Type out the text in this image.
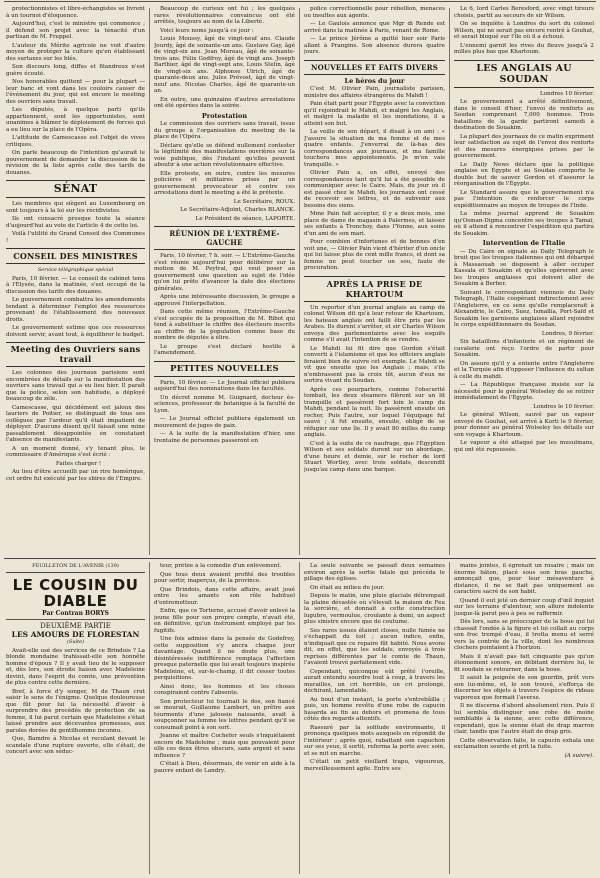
protectionnistes et libre-échangistes se livrent à un tournoi d'éloquence.

Aujourd'hui, c'est le ministre qui commence ; il défend son projet avec la ténacité d'un partisan de M. Freppel.

L'auteur du Mérite agricole ne voit d'autre moyen de protéger la culture qu'en établissant des surtaxes sur les blés.

Son discours long, diffus et filandreux n'est guère écouté.

Nos honorables quittent — pour la plupart — leur banc et vont dans les couloirs causer de l'événement du jour, qui est encore le meeting des ouvriers sans travail.

Les députés, à quelque parti qu'ils appartiennent, sont les opportunistes, sont unanimes à blâmer le déploiement de forces qui a eu lieu sur la place de l'Opéra.

L'attitude de Camescasse est l'objet de vives critiques.

On parle beaucoup de l'intention qu'aurait le gouvernement de demander la discussion de la révision de la liste après celle des tarifs de douanes.

SÉNAT

Les membres qui siègent au Luxembourg en sont toujours à la loi sur les récidivistes.

Ils ont consacré presque toute la séance d'aujourd'hui au vote de l'article 4 de cette loi.

Voilà l'utilité du Grand Conseil des Communes !

CONSEIL DES MINISTRES
Service télégraphique spécial

Paris, 10 février. — Le conseil de cabinet tenu à l'Élysée, dans la matinée, s'est occupé de la discussion des tarifs des douanes.

Le gouvernement combattra les amendements tendant à déterminer l'emploi des ressources provenant de l'établissement des nouveaux droits.

Le gouvernement estime que ces ressources doivent servir, avant tout, à équilibrer le budget.

Meeting des Ouvriers sans travail

Les colonnes des journaux parisiens sont encombrées de détails sur la manifestation des ouvriers sans travail qui a eu lieu hier. Il paraît que la police, selon son habitude, a déployé beaucoup de zèle.

Camescasse, qui décidément est jaloux des lauriers de Poitier, se distinguait de tous ses collègues par l'ardeur qu'il était impatient de déployer. D'aucuns disent qu'il faisait une mine passablement désappointée en constatant l'absence de manifestants.

A un moment donné, s'y tenant plus, le commissaire d'Amérique s'est écrié :

Faites charger !

Au lieu d'être accueilli par un rire homérique, cet ordre fut exécuté par les sbires de l'Empire.

Beaucoup de curieux ont fui ; les quelques rares révolutionnaires convaincus ont été arrêtés, toujours au nom de la Liberté.

Voici leurs noms jusqu'à ce jour :

Louis Moussy, âgé de vingt-neuf ans. Claude Jourdy, âgé de soixante-un ans. Gustave Gay, âgé de vingt-six ans. Jean Moreau, âgé de soixante-trois ans. Félix Godfroy, âgé de vingt ans. Joseph Barthier, âgé de vingt-sept ans. Louis Stelin, âgé de vingt-six ans. Alphonse Ulrich, âgé de quarante-deux ans. Jules Prévost, âgé de vingt-neuf ans. Nicolas Charles, âgé de quarante-un an.

En outre, une quinzaine d'autres arrestations ont été opérées dans la soirée.

Protestation

Le commission des ouvriers sans travail, issue du groupe à l'organisation du meeting de la place de l'Opéra.

Déclare qu'elle se défend nullement contester la légitimité des manifestations ouvrières sur la voie publique, dès l'instant qu'elles peuvent aboutir à une action révolutionnaire effective.

Elle proteste, en outre, contre les mesures policières et militaires prises par un gouvernement provocateur et contre ces arrestations dont le meeting a été le prétexte.

Le Secrétaire, ROUX.

Le Secrétaire-Adjoint, Charles BLANCK.

Le Président de séance, LAPORTE.

RÉUNION DE L'EXTRÊME-GAUCHE

Paris, 10 février, 7 h. soir. — L'Extrême-Gauche s'est réunie aujourd'hui pour délibérer sur la motion de M. Peytral, qui veut poser au gouvernement une question au sujet de l'idée qu'on lui prête d'avancer la date des élections générales.

Après une intéressante discussion, le groupe a approuvé l'interpellation.

Dans cette même réunion, l'Extrême-Gauche s'est occupée de la proposition de M. Ribot qui tend à substituer le chiffre des électeurs inscrits au chiffre de la population comme base du nombre de députés à élire.

Le groupe s'est déclaré hostile à l'amendement.

PETITES NOUVELLES

Paris, 10 février. — Le Journal officiel publiera aujourd'hui des nominations dans les facultés.

Un décret nomme M. Guignard, docteur ès-sciences, professeur de botanique à la faculté de Lyon.

— Le Journal officiel publiera également un mouvement de juges de paix.

— A la suite de la manifestation d'hier, une trentaine de personnes passeront en

police correctionnelle pour rébellion, menaces ou insultes aux agents.

— Le Gaulois annonce que Mgr di Rende est arrivé dans la matinée à Paris, venant de Rome.

— Le prince Jérôme a quitté hier soir Paris allant à Prangins. Son absence durera quatre jours.

NOUVELLES ET FAITS DIVERS
Le héros du jour

C'est M. Olivier Pain, journaliste parisien, ministre des affaires étrangères du Mahdi !

Pain était parti pour l'Égypte avec la conviction qu'il rejoindrait le Mahdi, et malgré les Anglais, et malgré la maladie et les inondations, il a atteint son but.

La veille de son départ, il disait à un ami : « J'assure la situation de ma femme et de mes quatre enfants. J'enverrai de là-bas des correspondances aux journaux, et ma famille touchera mes appointements. Je m'en vais tranquille. »

Olivier Pain a, en effet, envoyé des correspondances tant qu'il lui a été possible de communiquer avec le Caire. Mais, du jour où il est passé chez le Mahdi, les journaux ont cessé de recevoir ses lettres, et de subvenir aux besoins des siens.

Mme Pain fait accepter, il y a deux mois, une place de dame de magasin à Palermes, et laisser ses enfants à Tronchoy, dans l'Yonne, aux soins d'un ami de son mari.

Pour combien d'infortunes et de bonnes d'en voit une, — Olivier Pain vient d'hériter d'un oncle qui lui laisse plus de cent mille francs, et dont sa femme ne peut toucher un sou, faute de procuration.

APRÈS LA PRISE DE KHARTOUM

Un reporter d'un journal anglais au camp du colonel Wilson dit qu'à leur retour de Khartoum, les bateaux anglais ont failli être pris par les Arabes. Ils durent s'arrêter, et sir Charles Wilson envoya des parlementaires avec les esquifs comme s'il avait l'intention de se rendre.

Le Mahdi lui fit dire que Gordon s'était converti à l'islamisme et que les officiers anglais feraient bien de suivre cet exemple. Le Mahdi se vit que ensuite que les Anglais ; mais, s'ils n'embrassent pas la croix tôt, aucun d'eux ne sortira vivant du Soudan.

Après ces pourparlers, comme l'obscurité tombait, les deux steamers filèrent sur un lit tranquille et passèrent fort loin le camp du Mahdi, pendant la nuit. Ils passèrent ensuite un rocher, Puis l'autre, sur lequel l'équipage fut sauvé ; il fut ensuite, ensuite, obligé de se réfugier sur une île. Il y avait 80 milles du camp anglais.

C'est à la suite de ce naufrage, que l'Égyptien Wilson et ses soldats durent sur un abordage, d'une heure et demie, sur le rocher de lord Stuart Wortley, avec trois soldats, descendit jusqu'au camp dans une barque.

Le 6, lord Carles Beresford, avec vingt tireurs choisis, partit au secours de sir Wilson.

On se inquiète à Londres du sort du colonel Wilson, qui ne serait pas encore rentré à Gouhat, et serait bloqué sur l'île où il a échoué.

L'ennemi garnit les rives du fleuve jusqu'à 2 milles plus bas que Khartoum.

LES ANGLAIS AU SOUDAN

Londres 10 février.

Le gouvernement a arrêté définitivement, dans le conseil d'hier, l'envoi de renforts au Soudan comprenant 7,000 hommes. Trois bataillons de la garde partiront samedi à destination de Souakim.

La plupart des journaux de ce matin expriment leur satisfaction au sujet de l'envoi des renforts et des mesures énergiques prises par le gouvernement.

Le Daily News déclare que la politique anglaise en Égypte et au Soudan comporte le double but de sauver Gordon et d'assurer la réorganisation de l'Égypte.

Le Standard assure que le gouvernement n'a pas l'intention de renforcer le corps expéditionnaire au moyen de troupes de l'Inde.

La même journal apprend de Souakim qu'Osman-Digma concentre ses troupes à Tamaï, où il attend à rencontrer l'expédition qui partira de Souakim.

Intervention de l'Italie

— Du Caire on signale au Daily Telegraph le bruit que les troupes italiennes qui ont débarqué à Massaouah se disposent à aller occuper Kassala et Souakim et qu'elles opéreront avec les troupes anglaises qui doivent aller de Souakim à Berber.

Suivant le correspondant viennois du Daily Telegraph, l'Italie coopérant indirectement avec l'Angleterre, en ce sens qu'elle remplacerait à Alexandrie, le Caire, Suez, Ismaïlia, Port-Saïd et Souakim les garnisons anglaises allant rejoindre le corps expéditionnaire du Soudan.

Londres, 9 février.

Six bataillons d'infanterie et un régiment de cavalerie ont reçu l'ordre de partir pour Souakim.

On assure qu'il y a entente entre l'Angleterre et la Turquie afin d'opposer l'influence du sultan à celle du mahdi.

— La République française insiste sur la nécessité pour le général Wolseley de se retirer immédiatement de l'Égypte.

Londres le 10 février.

Le général Wilson, sauvé par un vapeur envoyé de Gouhat, est arrivé à Korti le 9 février, pour donner au général Wolseley les détails sur son voyage à Khartoum.

Le vapeur a été attaqué par les musulmans, qui ont été repoussés.

FEUILLETON DE L'AVENIR (139)
LE COUSIN DU DIABLE
Par Contran BORYS
DEUXIÈME PARTIE
LES AMOURS DE FLORESTAN
(Suite)

Avait-elle usé des services de ce Brindois ? La blonde mondaine trahissait-elle son honnête homme d'époux ? Il y avait lieu de le supposer et, dès lors, son étroite liaison avec Madeleine devint, dans l'esprit du comte, une prévention de plus contre cette dernière.

Bref, à force d'y songer, M de Thaun crut saisir le sens de l'énigme. Quelque douloureuse que fût pour lui la nécessité d'avoir à surprendre des procédés de protection de sa femme, il lui parut certain que Madeleine s'était laissé prendre aux décevantes promesses, aux paroles dorées du gentilhomme inconnu.

Que, Bamdre à Nicolas et reculant devant le scandale d'une rupture ouverte, elle s'était, de concert avec son séduc-

teur, prêtée à la comédie d'un enlèvement.

Que tous deux avaient profité des troubles pour sortir, inaperçus, de la province.

Que Brindois, dans cette affaire, avait joué entre les amants son rôle habituel d'entremetteur.

Enfin, que ce Torterne, accusé d'avoir enlevé la jeune fille pour son propre compte, n'avait été, en définitive, qu'un instrument employé par les fugitifs.

Une fois admise dans la pensée de Godefroy, cette supposition s'y ancra chaque jour davantage. Quand il ne doute plus, une désintéressée indifférence remplaça l'affection presque paternelle que lui avait toujours inspirée Madeleine, et, sur-le-champ, il dit cesser toutes perquisitions.

Ainsi donc, les hommes et les choses conspiraient contre l'absente.

Son protecteur lui tournait le dos, son fiancé se mourait, Guillaume Lambert, un prêtre aux tourments d'une jalousie naissante, avait à soupçonner sa femme les lettres pendant qu'il se consumait point à son sort.

Jeanne et maître Cochefer seuls s'inquiétaient encore de Madeleine ; mais que pouvaient pour elle ces deux êtres obscurs, sans argent et sans influence ?

C'était à Dieu, désormais, de venir en aide à la pauvre enfant de Landry.

La seule suivante se passait deux semaines environ après la sortie fatale qui précéda le pillage des églises.

On était au milieu du jour.

Depuis le matin, une pluie glaciale détrempait la plaine dévastée où s'élevait la maison de Feu la sorcière, et donnait à cette construction lugubre, vermoulue, croulante à demi, un aspect plus sinistre encore que de coutume.

Ses rares issues étaient closes, nulle fumée ne s'échappait du toit ; aucun indice, enfin, n'indiquait que ce repaire fût habité. Nous avons dit, en effet, que les soldats, envoyés à trois reprises différentes par le comte de Thaun, l'avaient trouvé parfaitement vide.

Cependant, quiconque eût prêté l'oreille, aurait entendu sourdre tout à coup, à travers les murailles, un cri horrible, un cri prolongé, déchirant, lamentable.

Au bout d'un instant, la porte s'entrebâilla ; puis, un homme revêtu d'une robe de capucin hasarda au fin au dehors et promena de tous côtés des regards attentifs.

Rassuré par la solitude environnante, il prononça quelques mots auxquels on répondit de l'intérieur ; après quoi, rabattant son capuchon sur ses yeux, il sortit, referma la porte avec soin, et se mit en marche.

C'était un petit vieillard trapu, vigoureux, merveilleusement agile. Entre ses

mains jointes, il égrenait un rosaire ; mais un énorme bâton, placé sous son bras gauche, annonçait que, pour leur mésaventure à distance, il ne se fiait pas uniquement au caractère sacré de son habit.

Quand il eut jeté un dernier coup d'œil inquiet sur les terrains d'alentour, son allure indolente jusque-là parut peu à peu se raffermir.

Dès lors, sans se préoccuper de la boue qui lui chassait l'ondée à la figure et lui collait au corps son froc trempé d'eau, il trotta menu et serré vers la contrée de la ville, dont les nombreux clochers pointaient à l'horizon.

Mais il n'avait pas fait cinquante pas qu'un étonnement sonore, en débitant derrière lui, le fit soudain se retourner, dans la boue.

Il saisit la poignée de son gourdin, prêt vers son lui-même, et, le son trouvé, s'efforça de discerner les objets à travers l'espèce de rideau vaporeux que formait l'averse.

Il ne discerna d'abord absolument rien. Puis il lui sembla distinguer une robe de moine semblable à la sienne, avec cette différence, cependant, que la sienne était de drap marron clair, tandis que l'autre était de drap gris.

Cette observation faite, le capucin exhala une exclamation sourde et prit la fuite.

(A suivre).
